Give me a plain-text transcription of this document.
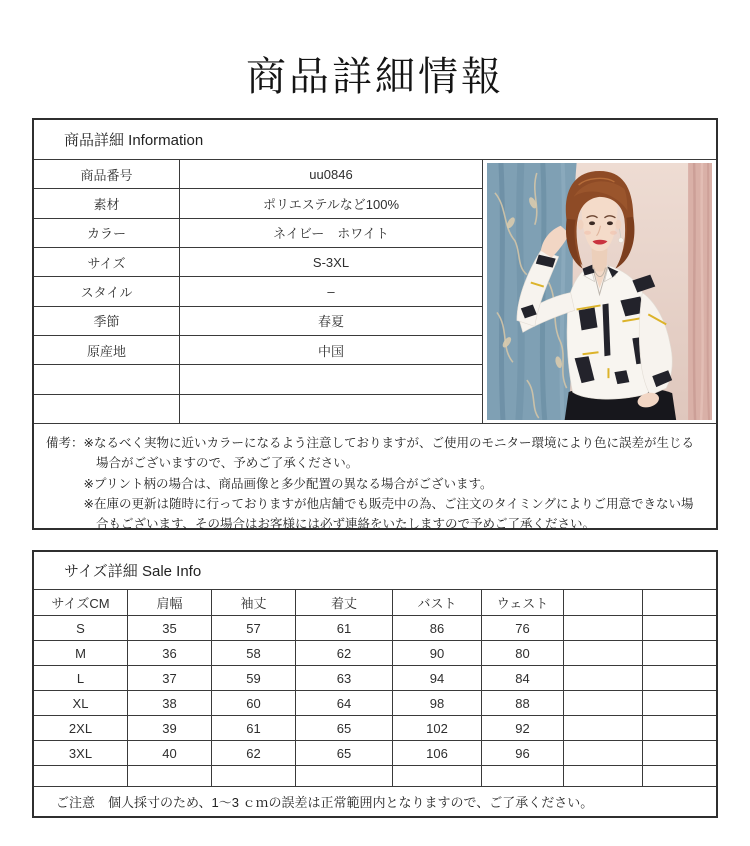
商品詳細情報
商品詳細 Information
商品番号	uu0846
素材	ポリエステルなど100%
カラー	ネイビー　ホワイト
サイズ	S-3XL
スタイル	–
季節	春夏
原産地	中国
備考： ※なるべく実物に近いカラーになるよう注意しておりますが、ご使用のモニター環境により色に誤差が生じる場合がございますので、予めご了承ください。
※プリント柄の場合は、商品画像と多少配置の異なる場合がございます。
※在庫の更新は随時に行っておりますが他店舗でも販売中の為、ご注文のタイミングによりご用意できない場合もございます、その場合はお客様には必ず連絡をいたしますので予めご了承ください。
サイズ詳細 Sale Info
サイズCM	肩幅	袖丈	着丈	バスト	ウェスト
S	35	57	61	86	76
M	36	58	62	90	80
L	37	59	63	94	84
XL	38	60	64	98	88
2XL	39	61	65	102	92
3XL	40	62	65	106	96
ご注意　個人採寸のため、1～3 ｃｍの誤差は正常範囲内となりますので、ご了承ください。
